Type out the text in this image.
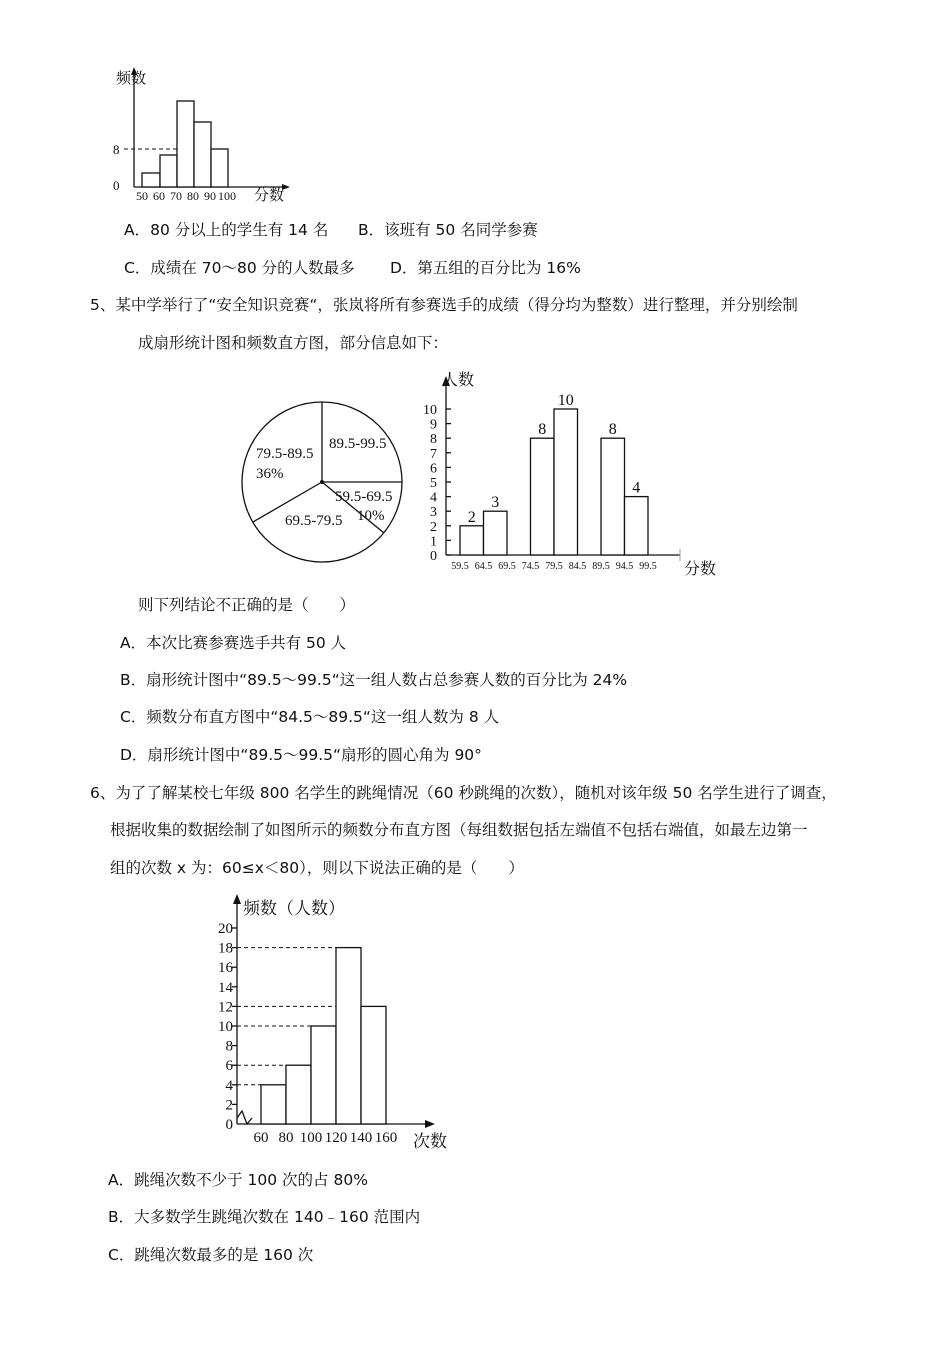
频数
分数
8
0
50 60 70 80 90 100
A．80 分以上的学生有 14 名 B．该班有 50 名同学参赛
C．成绩在 70～80 分的人数最多 D．第五组的百分比为 16%
5、某中学举行了“安全知识竞赛“，张岚将所有参赛选手的成绩（得分均为整数）进行整理，并分别绘制
成扇形统计图和频数直方图，部分信息如下：
79.5-89.5
36%
89.5-99.5
59.5-69.5
10%
69.5-79.5
人数
分数
0
1
2
3
4
5
6
7
8
9
10
2
3
8
10
8
4
59.5 64.5 69.5 74.5 79.5 84.5 89.5 94.5 99.5
则下列结论不正确的是（　　）
A．本次比赛参赛选手共有 50 人
B．扇形统计图中“89.5～99.5“这一组人数占总参赛人数的百分比为 24%
C．频数分布直方图中“84.5～89.5“这一组人数为 8 人
D．扇形统计图中“89.5～99.5“扇形的圆心角为 90°
6、为了了解某校七年级 800 名学生的跳绳情况（60 秒跳绳的次数），随机对该年级 50 名学生进行了调查，
根据收集的数据绘制了如图所示的频数分布直方图（每组数据包括左端值不包括右端值，如最左边第一
组的次数 x 为：60≤x＜80），则以下说法正确的是（　　）
频数（人数）
次数
0
2
4
6
8
10
12
14
16
18
20
60 80 100 120 140 160
A．跳绳次数不少于 100 次的占 80%
B．大多数学生跳绳次数在 140﹣160 范围内
C．跳绳次数最多的是 160 次
